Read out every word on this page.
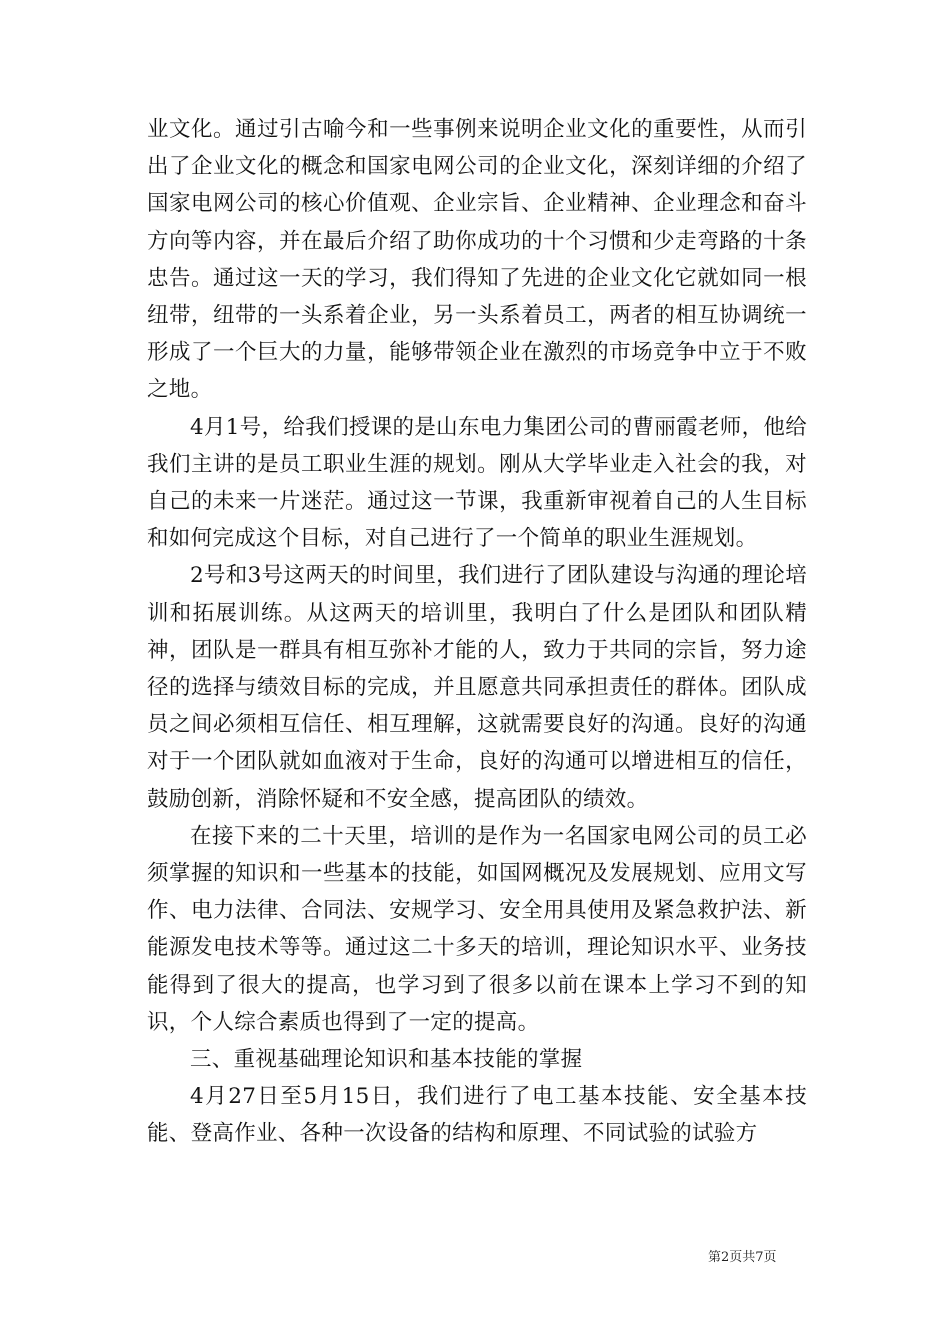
业文化。通过引古喻今和一些事例来说明企业文化的重要性，从而引出了企业文化的概念和国家电网公司的企业文化，深刻详细的介绍了国家电网公司的核心价值观、企业宗旨、企业精神、企业理念和奋斗方向等内容，并在最后介绍了助你成功的十个习惯和少走弯路的十条忠告。通过这一天的学习，我们得知了先进的企业文化它就如同一根纽带，纽带的一头系着企业，另一头系着员工，两者的相互协调统一形成了一个巨大的力量，能够带领企业在激烈的市场竞争中立于不败之地。

4月1号，给我们授课的是山东电力集团公司的曹丽霞老师，他给我们主讲的是员工职业生涯的规划。刚从大学毕业走入社会的我，对自己的未来一片迷茫。通过这一节课，我重新审视着自己的人生目标和如何完成这个目标，对自己进行了一个简单的职业生涯规划。

2号和3号这两天的时间里，我们进行了团队建设与沟通的理论培训和拓展训练。从这两天的培训里，我明白了什么是团队和团队精神，团队是一群具有相互弥补才能的人，致力于共同的宗旨，努力途径的选择与绩效目标的完成，并且愿意共同承担责任的群体。团队成员之间必须相互信任、相互理解，这就需要良好的沟通。良好的沟通对于一个团队就如血液对于生命，良好的沟通可以增进相互的信任，鼓励创新，消除怀疑和不安全感，提高团队的绩效。

在接下来的二十天里，培训的是作为一名国家电网公司的员工必须掌握的知识和一些基本的技能，如国网概况及发展规划、应用文写作、电力法律、合同法、安规学习、安全用具使用及紧急救护法、新能源发电技术等等。通过这二十多天的培训，理论知识水平、业务技能得到了很大的提高，也学习到了很多以前在课本上学习不到的知识，个人综合素质也得到了一定的提高。

三、重视基础理论知识和基本技能的掌握

4月27日至5月15日，我们进行了电工基本技能、安全基本技能、登高作业、各种一次设备的结构和原理、不同试验的试验方

第2页共7页
